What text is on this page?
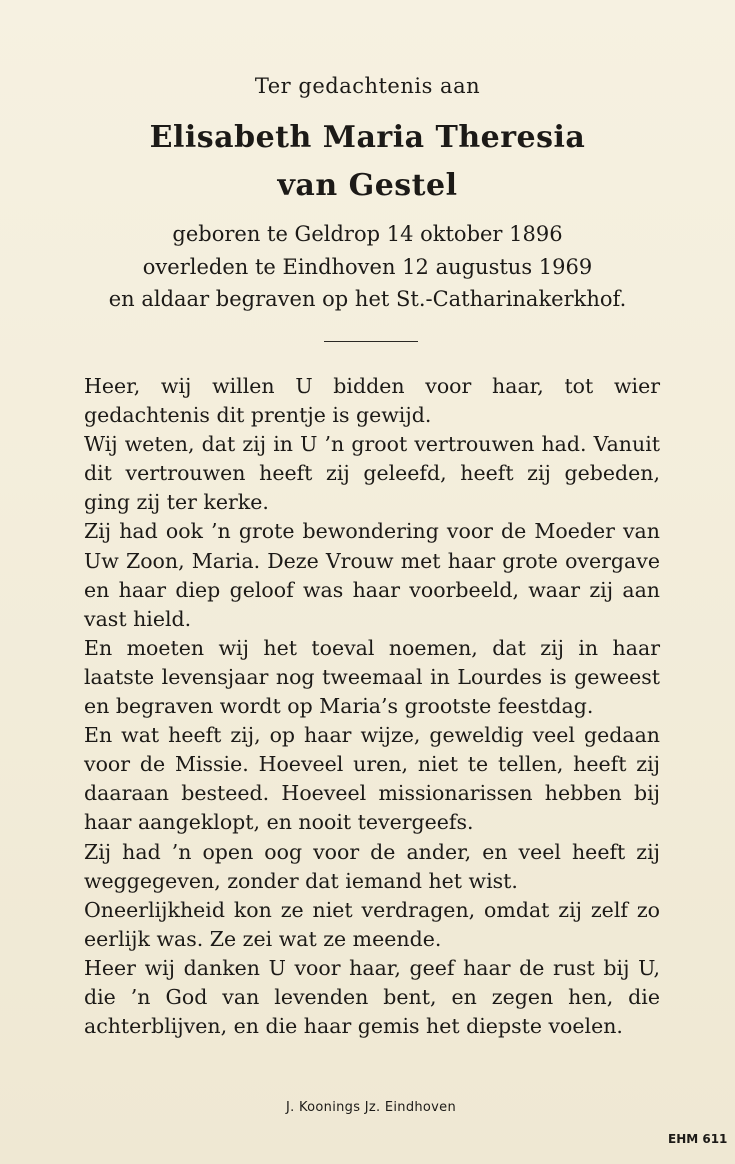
Ter gedachtenis aan
Elisabeth Maria Theresia
van Gestel
geboren te Geldrop 14 oktober 1896
overleden te Eindhoven 12 augustus 1969
en aldaar begraven op het St.-Catharinakerkhof.

Heer, wij willen U bidden voor haar, tot wier gedachtenis dit prentje is gewijd.

Wij weten, dat zij in U ’n groot vertrouwen had. Vanuit dit vertrouwen heeft zij geleefd, heeft zij gebeden, ging zij ter kerke.

Zij had ook ’n grote bewondering voor de Moeder van Uw Zoon, Maria. Deze Vrouw met haar grote overgave en haar diep geloof was haar voorbeeld, waar zij aan vast hield.

En moeten wij het toeval noemen, dat zij in haar laatste levensjaar nog tweemaal in Lourdes is geweest en begraven wordt op Maria’s grootste feestdag.

En wat heeft zij, op haar wijze, geweldig veel gedaan voor de Missie. Hoeveel uren, niet te tellen, heeft zij daaraan besteed. Hoeveel missionarissen hebben bij haar aangeklopt, en nooit tevergeefs.

Zij had ’n open oog voor de ander, en veel heeft zij weggegeven, zonder dat iemand het wist.

Oneerlijkheid kon ze niet verdragen, omdat zij zelf zo eerlijk was. Ze zei wat ze meende.

Heer wij danken U voor haar, geef haar de rust bij U, die ’n God van levenden bent, en zegen hen, die achterblijven, en die haar gemis het diepste voelen.

J. Koonings Jz. Eindhoven
EHM 611
